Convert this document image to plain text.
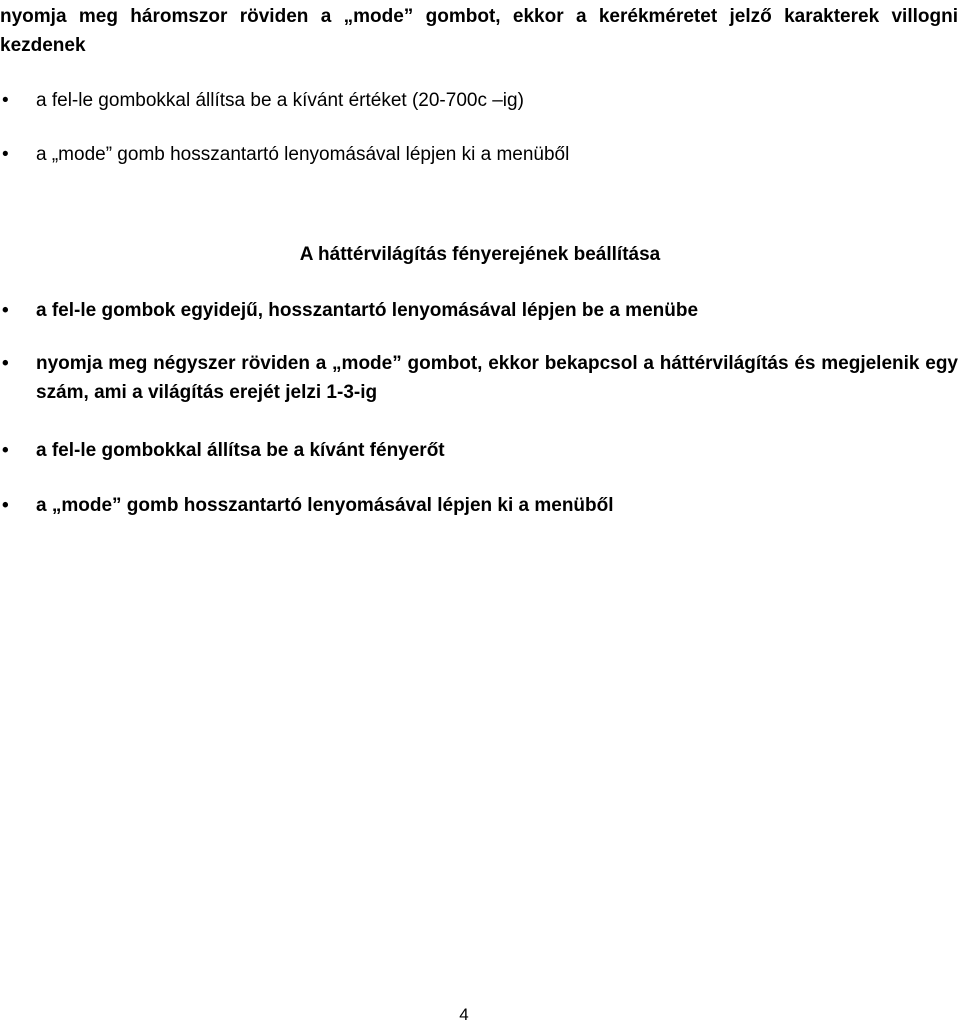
nyomja meg háromszor röviden a „mode” gombot, ekkor a kerékméretet jelző karakterek villogni kezdenek

• a fel-le gombokkal állítsa be a kívánt értéket (20-700c –ig)

• a „mode” gomb hosszantartó lenyomásával lépjen ki a menüből

A háttérvilágítás fényerejének beállítása
• a fel-le gombok egyidejű, hosszantartó lenyomásával lépjen be a menübe

• nyomja meg négyszer röviden a „mode” gombot, ekkor bekapcsol a háttérvilágítás és megjelenik egy szám, ami a világítás erejét jelzi 1-3-ig

• a fel-le gombokkal állítsa be a kívánt fényerőt

• a „mode” gomb hosszantartó lenyomásával lépjen ki a menüből

4
